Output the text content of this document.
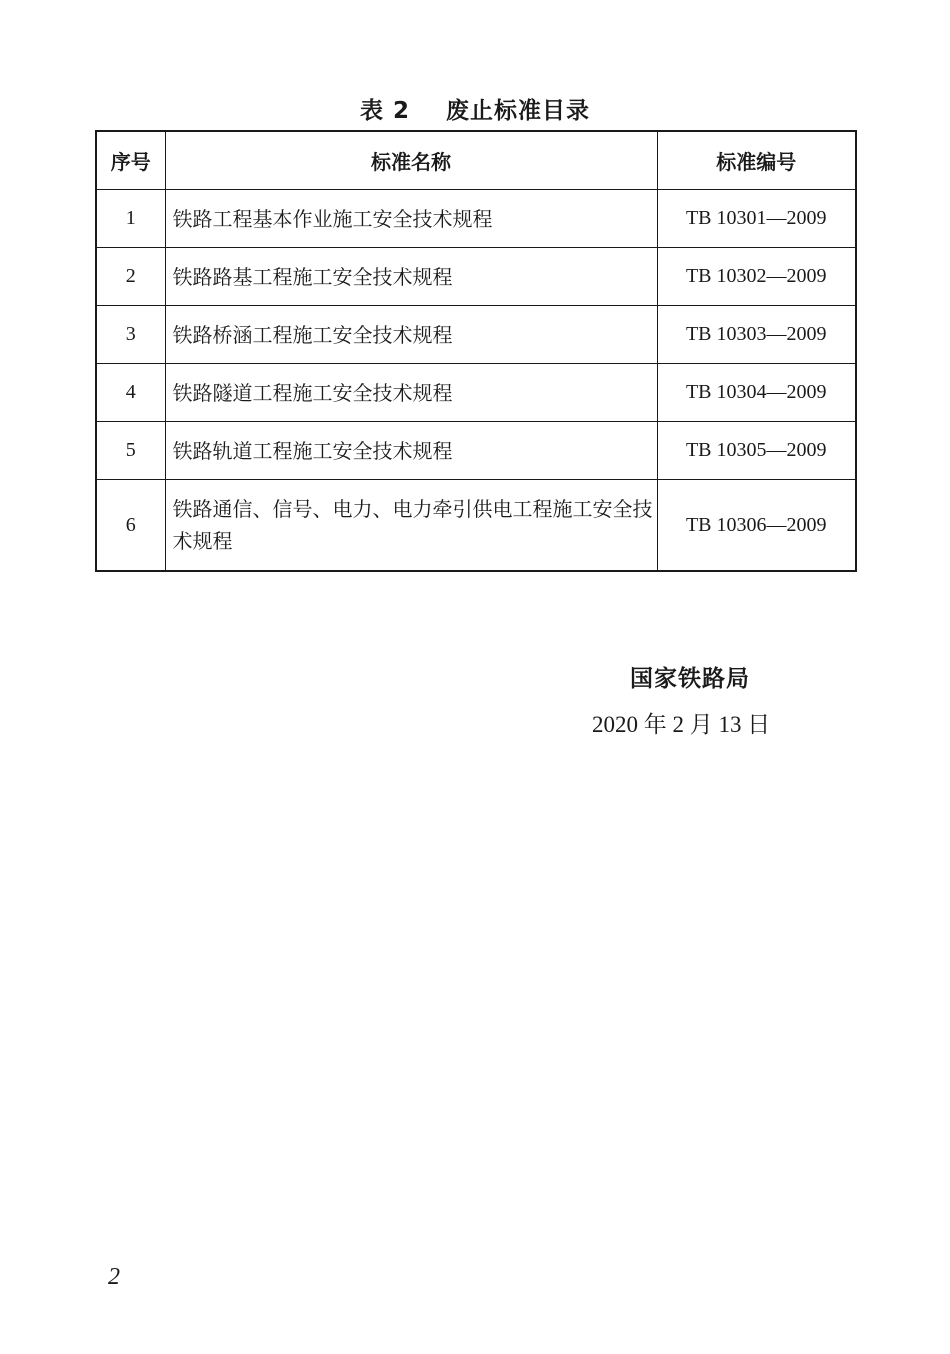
表 2    废止标准目录
序号	标准名称	标准编号
1	铁路工程基本作业施工安全技术规程	TB 10301—2009
2	铁路路基工程施工安全技术规程	TB 10302—2009
3	铁路桥涵工程施工安全技术规程	TB 10303—2009
4	铁路隧道工程施工安全技术规程	TB 10304—2009
5	铁路轨道工程施工安全技术规程	TB 10305—2009
6	铁路通信、信号、电力、电力牵引供电工程施工安全技术规程	TB 10306—2009
国家铁路局
2020 年 2 月 13 日
2
